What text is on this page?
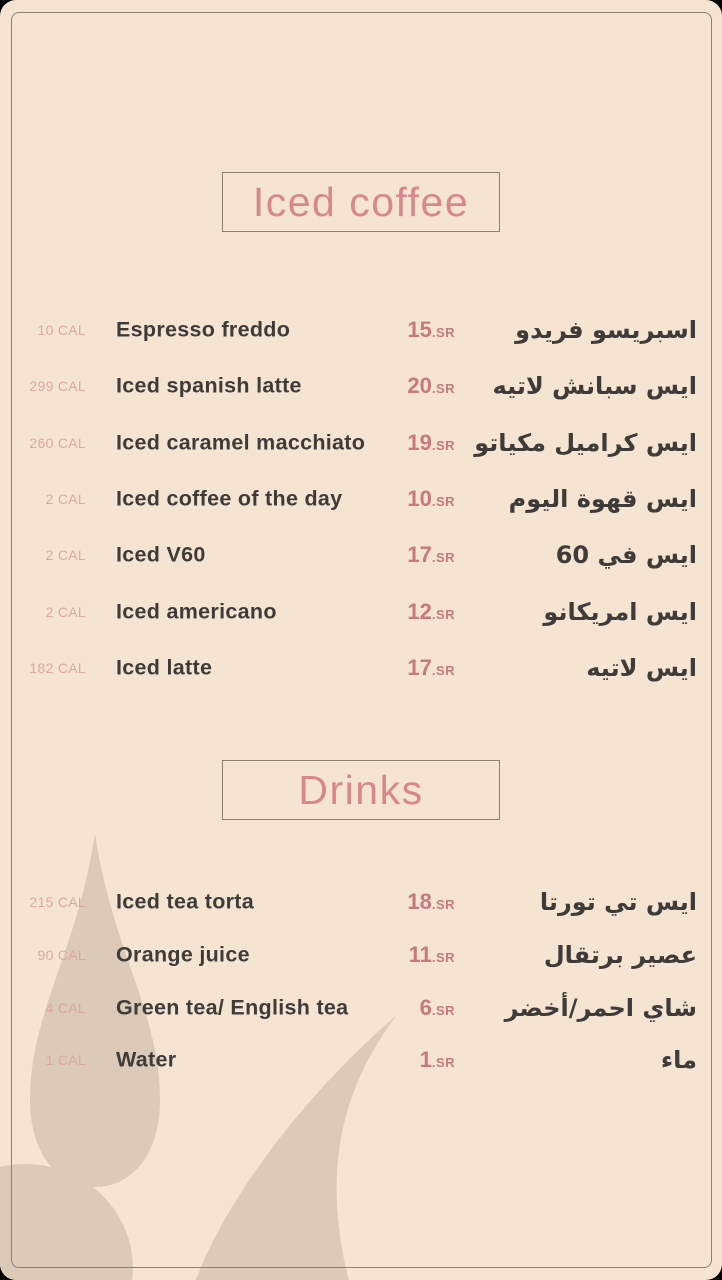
Iced coffee
10 CAL Espresso freddo	15.SR	اسبريسو فريدو
299 CAL Iced spanish latte	20.SR ايس سبانش لاتيه
260 CAL Iced caramel macchiato	19.SR ايس كراميل مكياتو
2 CAL Iced coffee of the day	10.SR ايس قهوة اليوم
2 CAL Iced V60	17.SR	ايس في 60
2 CAL Iced americano	12.SR	ايس امريكانو
182 CAL Iced latte	17.SR	ايس لاتيه
Drinks
215 CAL Iced tea torta	18.SR	ايس تي تورتا
90 CAL Orange juice	11.SR	عصير برتقال
4 CAL Green tea/ English tea	6.SR شاي احمر/أخضر
1 CAL Water	1.SR	ماء
